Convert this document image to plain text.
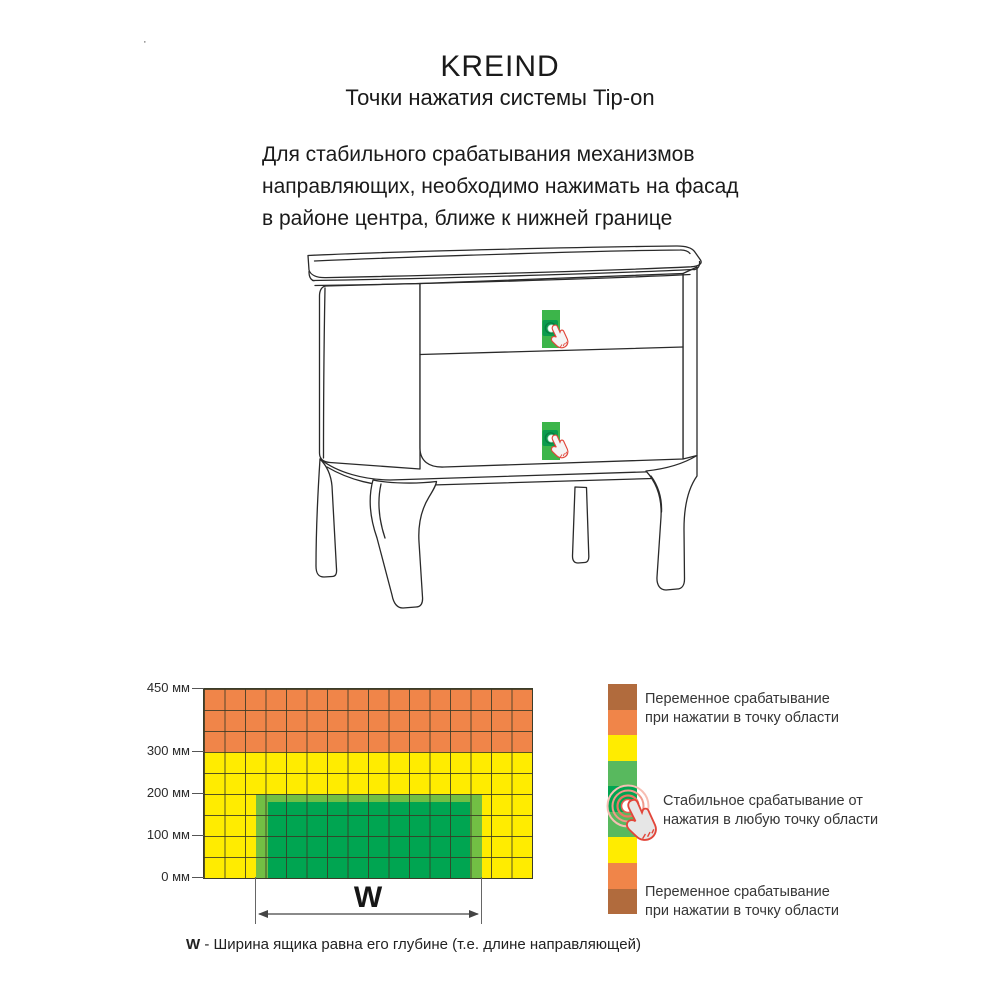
·
KREIND
Точки нажатия системы Tip-on
Для стабильного срабатывания механизмов
направляющих, необходимо нажимать на фасад
в районе центра, ближе к нижней границе
450 мм
300 мм
200 мм
100 мм
0 мм
W
W - Ширина ящика равна его глубине (т.е. длине направляющей)
Переменное срабатывание
при нажатии в точку области
Стабильное срабатывание от
нажатия в любую точку области
Переменное срабатывание
при нажатии в точку области
